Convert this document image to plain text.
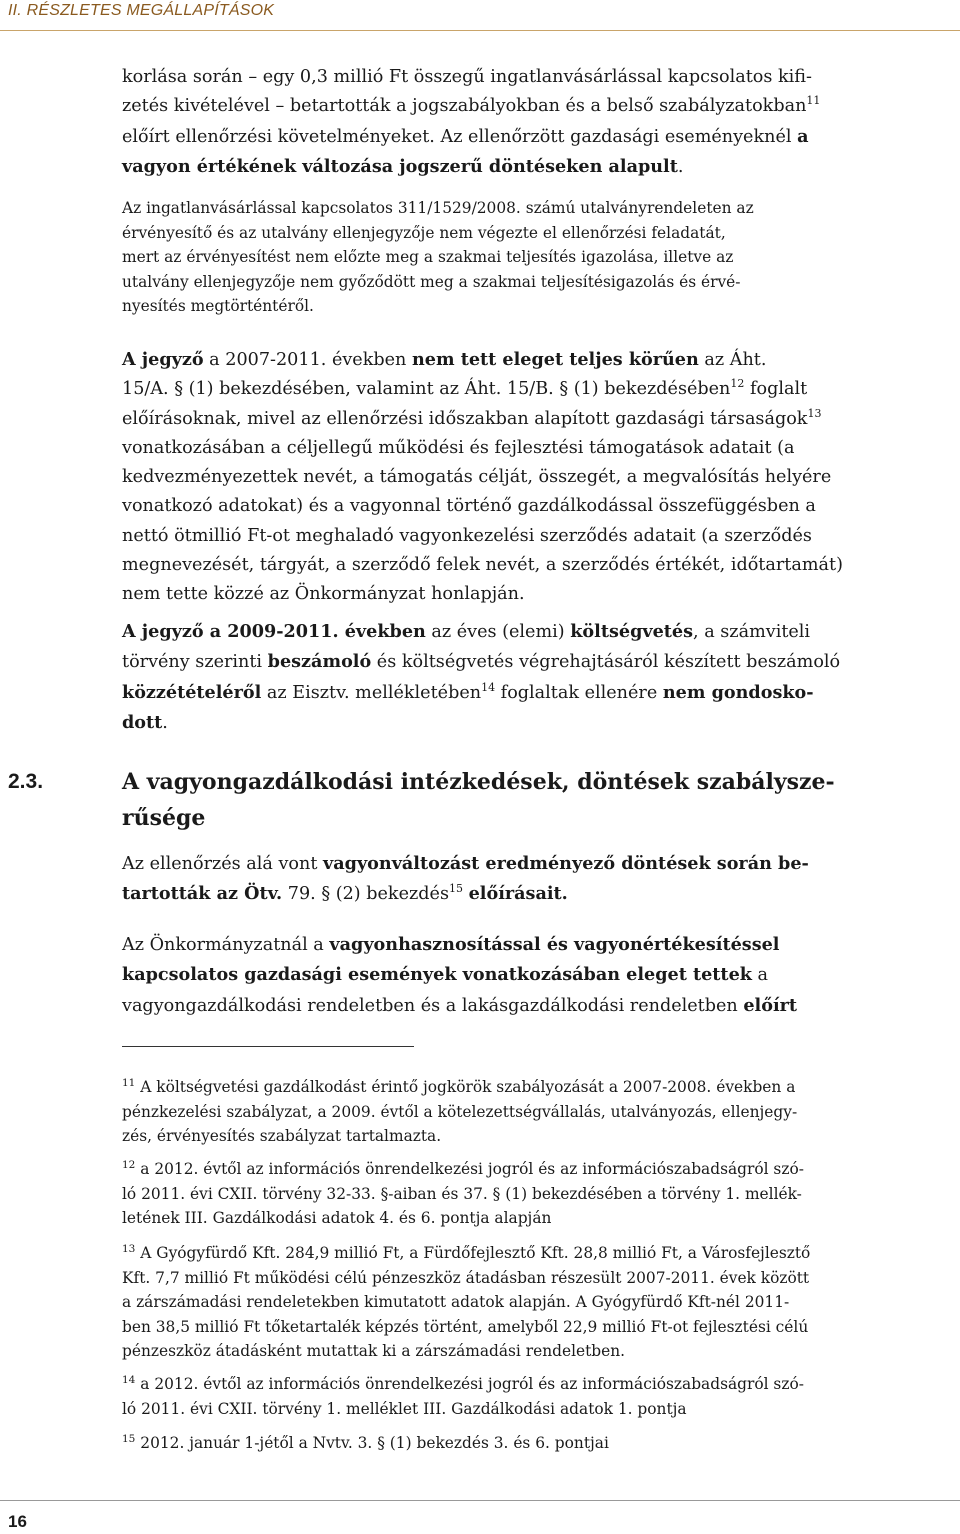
II. RÉSZLETES MEGÁLLAPÍTÁSOK
korlása során – egy 0,3 millió Ft összegű ingatlanvásárlással kapcsolatos kifi-
zetés kivételével – betartották a jogszabályokban és a belső szabályzatokban$^{11}$
előírt ellenőrzési követelményeket. Az ellenőrzött gazdasági eseményeknél a
vagyon értékének változása jogszerű döntéseken alapult.
Az ingatlanvásárlással kapcsolatos 311/1529/2008. számú utalványrendeleten az
érvényesítő és az utalvány ellenjegyzője nem végezte el ellenőrzési feladatát,
mert az érvényesítést nem előzte meg a szakmai teljesítés igazolása, illetve az
utalvány ellenjegyzője nem győződött meg a szakmai teljesítésigazolás és érvé-
nyesítés megtörténtéről.
A jegyző a 2007-2011. években nem tett eleget teljes körűen az Áht.
15/A. § (1) bekezdésében, valamint az Áht. 15/B. § (1) bekezdésében$^{12}$ foglalt
előírásoknak, mivel az ellenőrzési időszakban alapított gazdasági társaságok$^{13}$
vonatkozásában a céljellegű működési és fejlesztési támogatások adatait (a
kedvezményezettek nevét, a támogatás célját, összegét, a megvalósítás helyére
vonatkozó adatokat) és a vagyonnal történő gazdálkodással összefüggésben a
nettó ötmillió Ft-ot meghaladó vagyonkezelési szerződés adatait (a szerződés
megnevezését, tárgyát, a szerződő felek nevét, a szerződés értékét, időtartamát)
nem tette közzé az Önkormányzat honlapján.
A jegyző a 2009-2011. években az éves (elemi) költségvetés, a számviteli
törvény szerinti beszámoló és költségvetés végrehajtásáról készített beszámoló
közzétételéről az Eisztv. mellékletében$^{14}$ foglaltak ellenére nem gondosko-
dott.
2.3.	A vagyongazdálkodási intézkedések, döntések szabálysze-
rűsége
Az ellenőrzés alá vont vagyonváltozást eredményező döntések során be-
tartották az Ötv. 79. § (2) bekezdés$^{15}$ előírásait.
Az Önkormányzatnál a vagyonhasznosítással és vagyonértékesítéssel
kapcsolatos gazdasági események vonatkozásában eleget tettek a
vagyongazdálkodási rendeletben és a lakásgazdálkodási rendeletben előírt
$^{11}$ A költségvetési gazdálkodást érintő jogkörök szabályozását a 2007-2008. években a
pénzkezelési szabályzat, a 2009. évtől a kötelezettségvállalás, utalványozás, ellenjegy-
zés, érvényesítés szabályzat tartalmazta.
$^{12}$ a 2012. évtől az információs önrendelkezési jogról és az információszabadságról szó-
ló 2011. évi CXII. törvény 32-33. §-aiban és 37. § (1) bekezdésében a törvény 1. mellék-
letének III. Gazdálkodási adatok 4. és 6. pontja alapján
$^{13}$ A Gyógyfürdő Kft. 284,9 millió Ft, a Fürdőfejlesztő Kft. 28,8 millió Ft, a Városfejlesztő
Kft. 7,7 millió Ft működési célú pénzeszköz átadásban részesült 2007-2011. évek között
a zárszámadási rendeletekben kimutatott adatok alapján. A Gyógyfürdő Kft-nél 2011-
ben 38,5 millió Ft tőketartalék képzés történt, amelyből 22,9 millió Ft-ot fejlesztési célú
pénzeszköz átadásként mutattak ki a zárszámadási rendeletben.
$^{14}$ a 2012. évtől az információs önrendelkezési jogról és az információszabadságról szó-
ló 2011. évi CXII. törvény 1. melléklet III. Gazdálkodási adatok 1. pontja
$^{15}$ 2012. január 1-jétől a Nvtv. 3. § (1) bekezdés 3. és 6. pontjai
16
